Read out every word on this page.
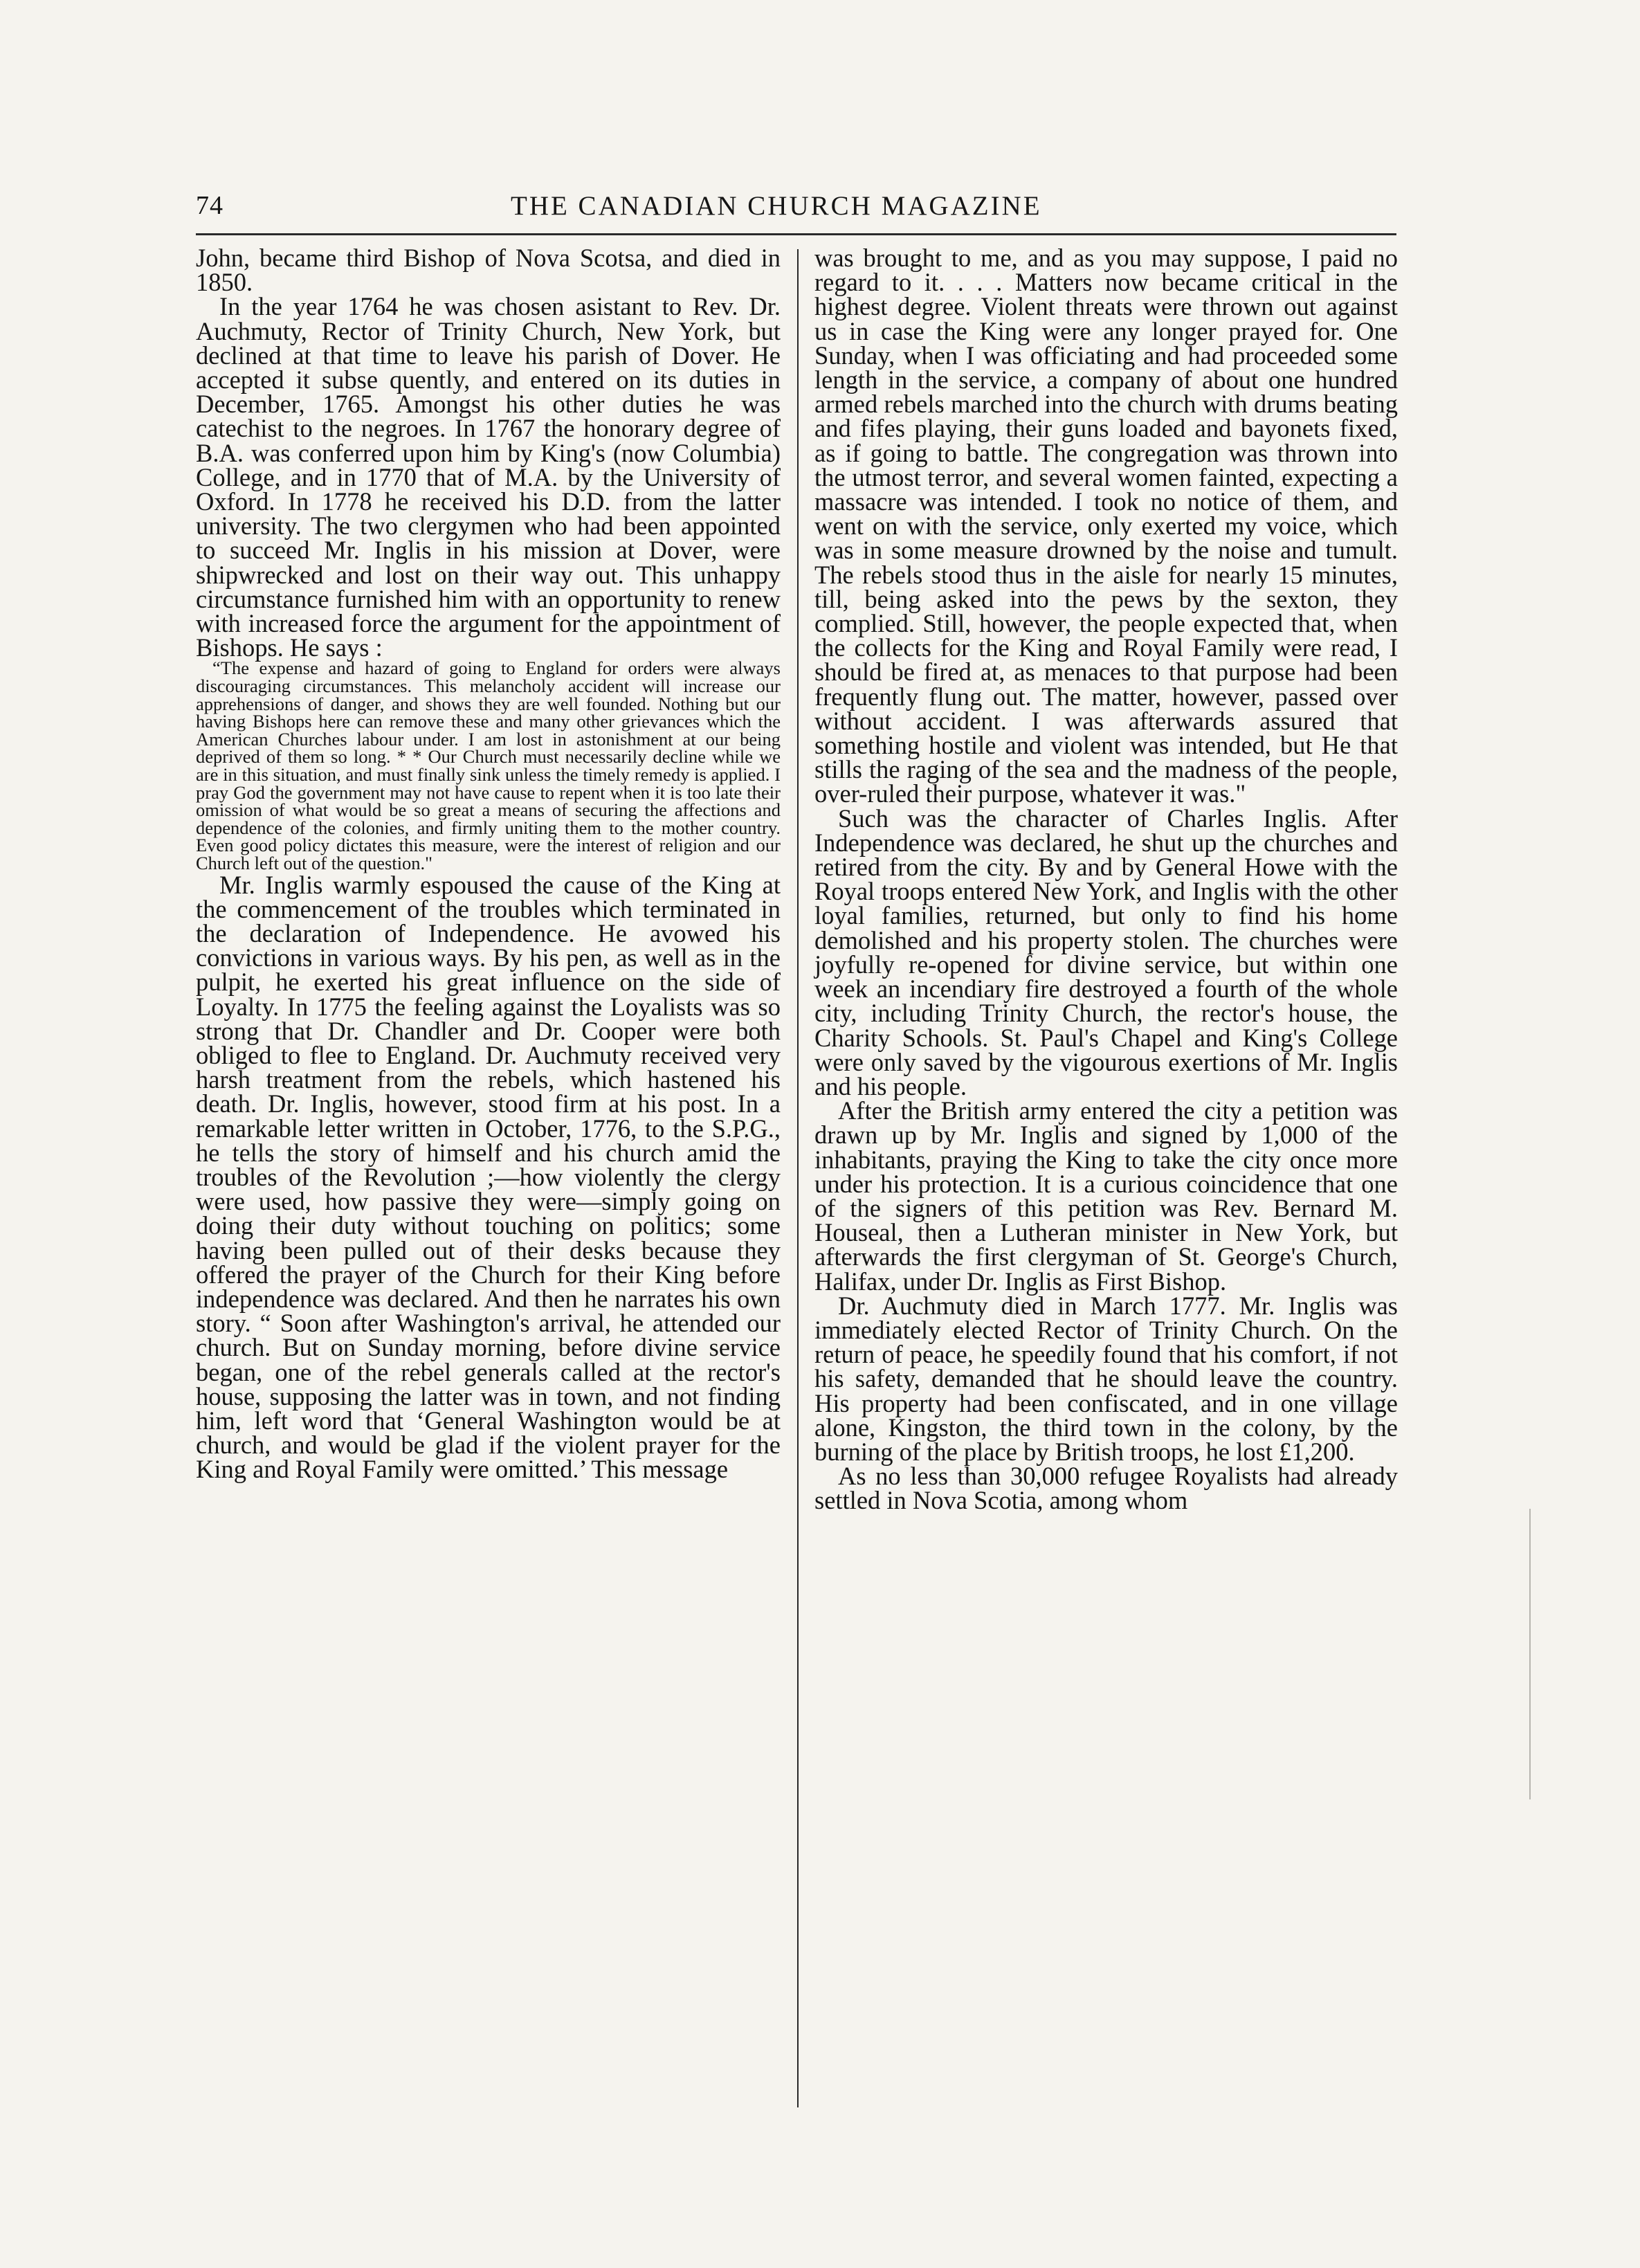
74	THE CANADIAN CHURCH MAGAZINE

John, became third Bishop of Nova Scotsa, and died in 1850.

In the year 1764 he was chosen asistant to Rev. Dr. Auchmuty, Rector of Trinity Church, New York, but declined at that time to leave his parish of Dover. He accepted it subse quently, and entered on its duties in December, 1765. Amongst his other duties he was catechist to the negroes. In 1767 the honorary degree of B.A. was conferred upon him by King's (now Columbia) College, and in 1770 that of M.A. by the University of Oxford. In 1778 he received his D.D. from the latter university. The two clergymen who had been appointed to succeed Mr. Inglis in his mission at Dover, were shipwrecked and lost on their way out. This unhappy circumstance furnished him with an opportunity to renew with increased force the argument for the appointment of Bishops. He says :

“The expense and hazard of going to England for orders were always discouraging circumstances. This melancholy accident will increase our apprehensions of danger, and shows they are well founded. Nothing but our having Bishops here can remove these and many other grievances which the American Churches labour under. I am lost in astonishment at our being deprived of them so long. * * Our Church must necessarily decline while we are in this situation, and must finally sink unless the timely remedy is applied. I pray God the government may not have cause to repent when it is too late their omission of what would be so great a means of securing the affections and dependence of the colonies, and firmly uniting them to the mother country. Even good policy dictates this measure, were the interest of religion and our Church left out of the question."

Mr. Inglis warmly espoused the cause of the King at the commencement of the troubles which terminated in the declaration of Independence. He avowed his convictions in various ways. By his pen, as well as in the pulpit, he exerted his great influence on the side of Loyalty. In 1775 the feeling against the Loyalists was so strong that Dr. Chandler and Dr. Cooper were both obliged to flee to England. Dr. Auchmuty received very harsh treatment from the rebels, which hastened his death. Dr. Inglis, however, stood firm at his post. In a remarkable letter written in October, 1776, to the S.P.G., he tells the story of himself and his church amid the troubles of the Revolution ;—how violently the clergy were used, how passive they were—simply going on doing their duty without touching on politics; some having been pulled out of their desks because they offered the prayer of the Church for their King before independence was declared. And then he narrates his own story. “ Soon after Washington's arrival, he attended our church. But on Sunday morning, before divine service began, one of the rebel generals called at the rector's house, supposing the latter was in town, and not finding him, left word that ‘General Washington would be at church, and would be glad if the violent prayer for the King and Royal Family were omitted.’ This message

was brought to me, and as you may suppose, I paid no regard to it. . . . Matters now became critical in the highest degree. Violent threats were thrown out against us in case the King were any longer prayed for. One Sunday, when I was officiating and had proceeded some length in the service, a company of about one hundred armed rebels marched into the church with drums beating and fifes playing, their guns loaded and bayonets fixed, as if going to battle. The congregation was thrown into the utmost terror, and several women fainted, expecting a massacre was intended. I took no notice of them, and went on with the service, only exerted my voice, which was in some measure drowned by the noise and tumult. The rebels stood thus in the aisle for nearly 15 minutes, till, being asked into the pews by the sexton, they complied. Still, however, the people expected that, when the collects for the King and Royal Family were read, I should be fired at, as menaces to that purpose had been frequently flung out. The matter, however, passed over without accident. I was afterwards assured that something hostile and violent was intended, but He that stills the raging of the sea and the madness of the people, over-ruled their purpose, whatever it was."

Such was the character of Charles Inglis. After Independence was declared, he shut up the churches and retired from the city. By and by General Howe with the Royal troops entered New York, and Inglis with the other loyal families, returned, but only to find his home demolished and his property stolen. The churches were joyfully re-opened for divine service, but within one week an incendiary fire destroyed a fourth of the whole city, including Trinity Church, the rector's house, the Charity Schools. St. Paul's Chapel and King's College were only saved by the vigourous exertions of Mr. Inglis and his people.

After the British army entered the city a petition was drawn up by Mr. Inglis and signed by 1,000 of the inhabitants, praying the King to take the city once more under his protection. It is a curious coincidence that one of the signers of this petition was Rev. Bernard M. Houseal, then a Lutheran minister in New York, but afterwards the first clergyman of St. George's Church, Halifax, under Dr. Inglis as First Bishop.

Dr. Auchmuty died in March 1777. Mr. Inglis was immediately elected Rector of Trinity Church. On the return of peace, he speedily found that his comfort, if not his safety, demanded that he should leave the country. His property had been confiscated, and in one village alone, Kingston, the third town in the colony, by the burning of the place by British troops, he lost £1,200.

As no less than 30,000 refugee Royalists had already settled in Nova Scotia, among whom
